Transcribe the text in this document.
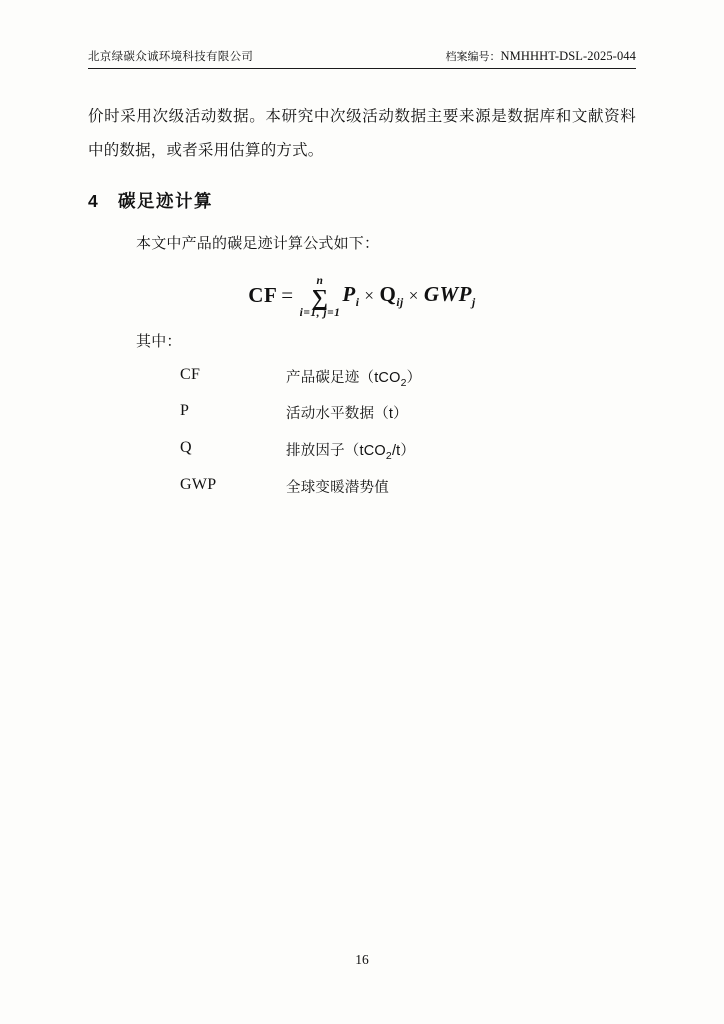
北京绿碳众诚环境科技有限公司	档案编号：NMHHHT-DSL-2025-044

价时采用次级活动数据。本研究中次级活动数据主要来源是数据库和文献资料中的数据，或者采用估算的方式。

4	碳足迹计算

本文中产品的碳足迹计算公式如下：

CF =
n
∑
i=1, j=1
$P_i \times Q_{ij} \times GWP_j$

其中：

CF	产品碳足迹（tCO$_2$）
P	活动水平数据（t）
Q	排放因子（tCO$_2$/t）
GWP	全球变暖潜势值
16
